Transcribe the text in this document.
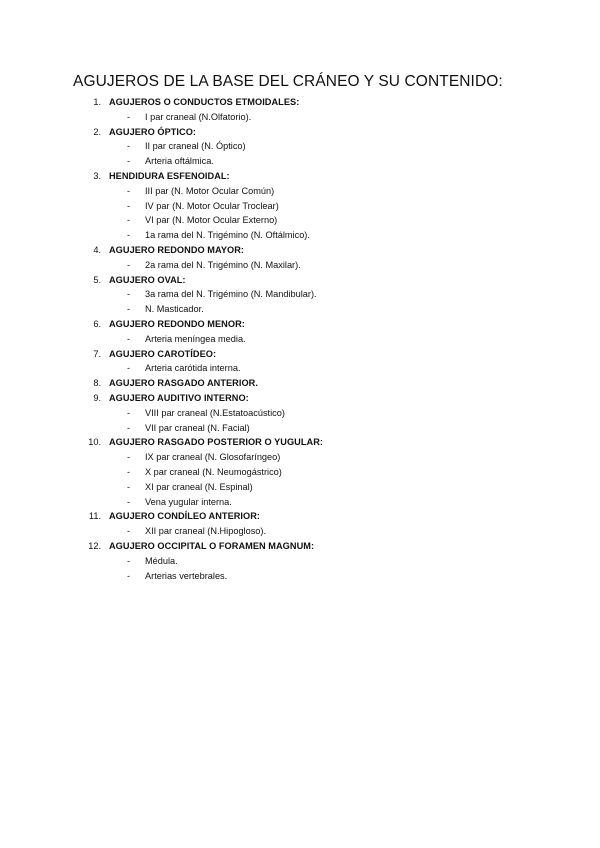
AGUJEROS DE LA BASE DEL CRÁNEO Y SU CONTENIDO:
1. AGUJEROS O CONDUCTOS ETMOIDALES:
- I par craneal (N.Olfatorio).
2. AGUJERO ÓPTICO:
- II par craneal (N. Óptico)
- Arteria oftálmica.
3. HENDIDURA ESFENOIDAL:
- III par (N. Motor Ocular Común)
- IV par (N. Motor Ocular Troclear)
- VI par (N. Motor Ocular Externo)
- 1a rama del N. Trigémino (N. Oftálmico).
4. AGUJERO REDONDO MAYOR:
- 2a rama del N. Trigémino (N. Maxilar).
5. AGUJERO OVAL:
- 3a rama del N. Trigémino (N. Mandibular).
- N. Masticador.
6. AGUJERO REDONDO MENOR:
- Arteria meníngea media.
7. AGUJERO CAROTÍDEO:
- Arteria carótida interna.
8. AGUJERO RASGADO ANTERIOR.
9. AGUJERO AUDITIVO INTERNO:
- VIII par craneal (N.Estatoacústico)
- VII par craneal (N. Facial)
10. AGUJERO RASGADO POSTERIOR O YUGULAR:
- IX par craneal (N. Glosofaríngeo)
- X par craneal (N. Neumogástrico)
- XI par craneal (N. Espinal)
- Vena yugular interna.
11. AGUJERO CONDÍLEO ANTERIOR:
- XII par craneal (N.Hipogloso).
12. AGUJERO OCCIPITAL O FORAMEN MAGNUM:
- Médula.
- Arterias vertebrales.
